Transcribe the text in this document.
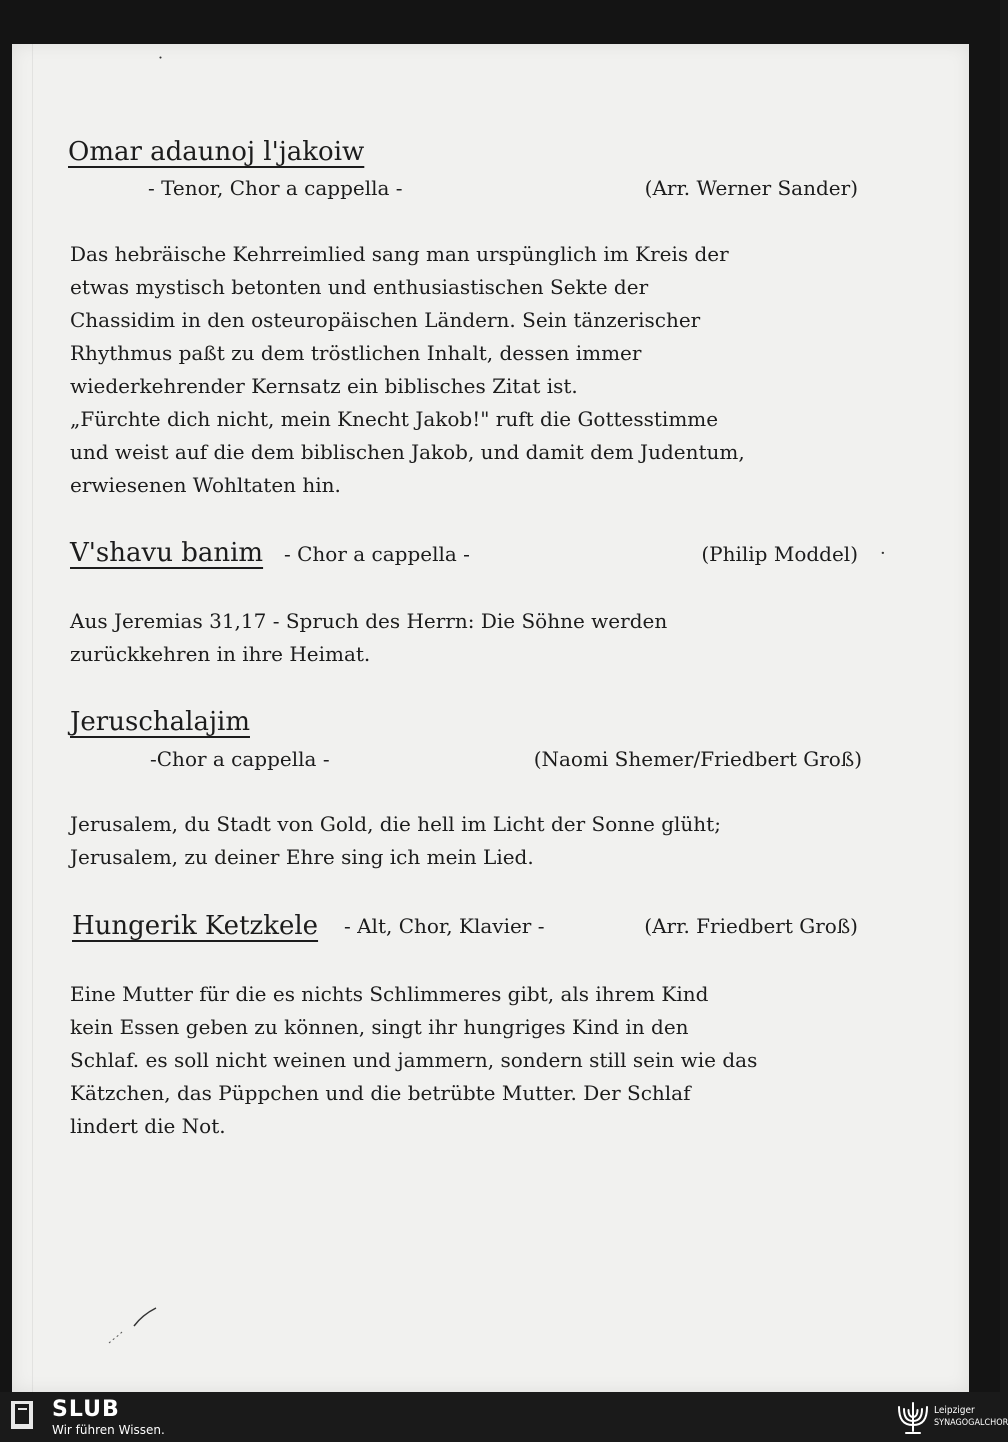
˙
Omar adaunoj l'jakoiw
- Tenor, Chor a cappella -	(Arr. Werner Sander)
Das hebräische Kehrreimlied sang man urspünglich im Kreis der
etwas mystisch betonten und enthusiastischen Sekte der
Chassidim in den osteuropäischen Ländern. Sein tänzerischer
Rhythmus paßt zu dem tröstlichen Inhalt, dessen immer
wiederkehrender Kernsatz ein biblisches Zitat ist.
„Fürchte dich nicht, mein Knecht Jakob!" ruft die Gottesstimme
und weist auf die dem biblischen Jakob, und damit dem Judentum,
erwiesenen Wohltaten hin.
V'shavu banim - Chor a cappella -	(Philip Moddel)
Aus Jeremias 31,17 - Spruch des Herrn: Die Söhne werden
zurückkehren in ihre Heimat.
Jeruschalajim
-Chor a cappella -	(Naomi Shemer/Friedbert Groß)
Jerusalem, du Stadt von Gold, die hell im Licht der Sonne glüht;
Jerusalem, zu deiner Ehre sing ich mein Lied.
Hungerik Ketzkele - Alt, Chor, Klavier -	(Arr. Friedbert Groß)
Eine Mutter für die es nichts Schlimmeres gibt, als ihrem Kind
kein Essen geben zu können, singt ihr hungriges Kind in den
Schlaf. es soll nicht weinen und jammern, sondern still sein wie das
Kätzchen, das Püppchen und die betrübte Mutter. Der Schlaf
lindert die Not.
·
SLUB
Wir führen Wissen.
Leipziger
SYNAGOGALCHOR
